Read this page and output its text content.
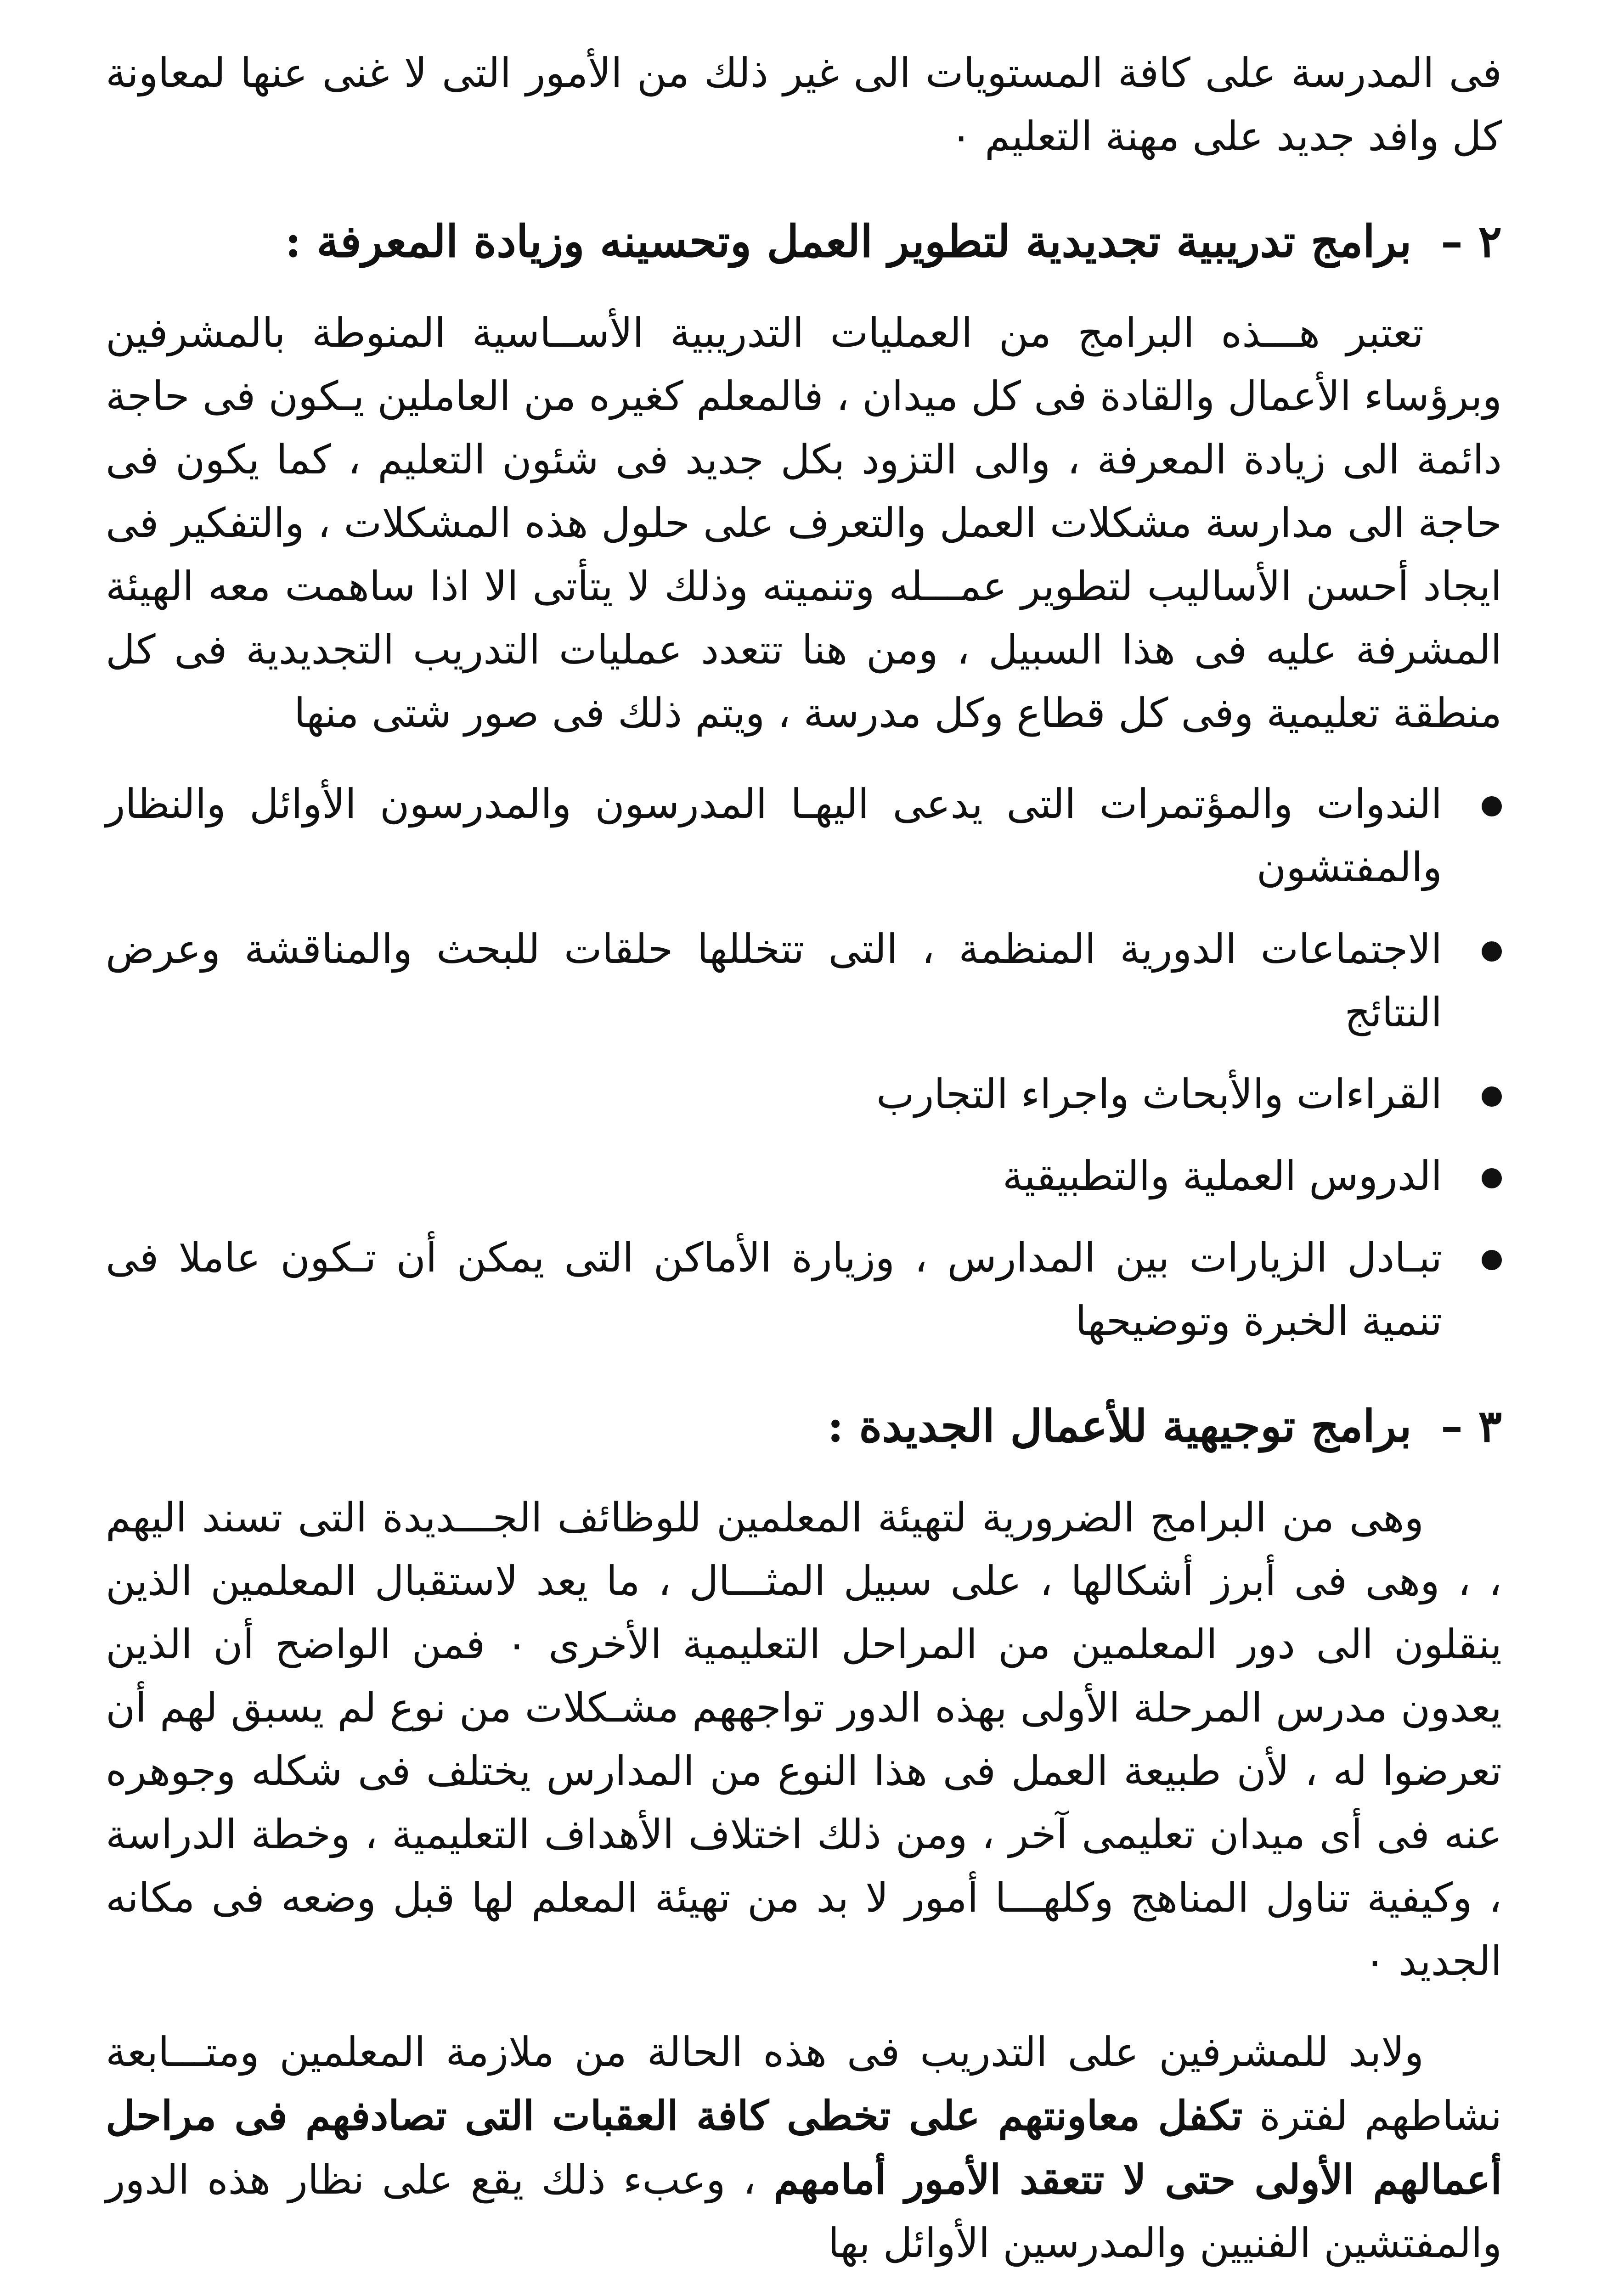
فى المدرسة على كافة المستويات الى غير ذلك من الأمور التى لا غنى عنها لمعاونة كل وافد جديد على مهنة التعليم ٠

٢ – برامج تدريبية تجديدية لتطوير العمل وتحسينه وزيادة المعرفة :

تعتبر هـــذه البرامج من العمليات التدريبية الأســاسية المنوطة بالمشرفين وبرؤساء الأعمال والقادة فى كل ميدان ، فالمعلم كغيره من العاملين يـكون فى حاجة دائمة الى زيادة المعرفة ، والى التزود بكل جديد فى شئون التعليم ، كما يكون فى حاجة الى مدارسة مشكلات العمل والتعرف على حلول هذه المشكلات ، والتفكير فى ايجاد أحسن الأساليب لتطوير عمـــله وتنميته وذلك لا يتأتى الا اذا ساهمت معه الهيئة المشرفة عليه فى هذا السبيل ، ومن هنا تتعدد عمليات التدريب التجديدية فى كل منطقة تعليمية وفى كل قطاع وكل مدرسة ، ويتم ذلك فى صور شتى منها

الندوات والمؤتمرات التى يدعى اليهـا المدرسون والمدرسون الأوائل والنظار والمفتشون
الاجتماعات الدورية المنظمة ، التى تتخللها حلقات للبحث والمناقشة وعرض النتائج
القراءات والأبحاث واجراء التجارب
الدروس العملية والتطبيقية
تبـادل الزيارات بين المدارس ، وزيارة الأماكن التى يمكن أن تـكون عاملا فى تنمية الخبرة وتوضيحها
٣ – برامج توجيهية للأعمال الجديدة :

وهى من البرامج الضرورية لتهيئة المعلمين للوظائف الجـــديدة التى تسند اليهم ، ، وهى فى أبرز أشكالها ، على سبيل المثـــال ، ما يعد لاستقبال المعلمين الذين ينقلون الى دور المعلمين من المراحل التعليمية الأخرى ٠ فمن الواضح أن الذين يعدون مدرس المرحلة الأولى بهذه الدور تواجههم مشـكلات من نوع لم يسبق لهم أن تعرضوا له ، لأن طبيعة العمل فى هذا النوع من المدارس يختلف فى شكله وجوهره عنه فى أى ميدان تعليمى آخر ، ومن ذلك اختلاف الأهداف التعليمية ، وخطة الدراسة ، وكيفية تناول المناهج وكلهـــا أمور لا بد من تهيئة المعلم لها قبل وضعه فى مكانه الجديد ٠

ولابد للمشرفين على التدريب فى هذه الحالة من ملازمة المعلمين ومتـــابعة نشاطهم لفترة تكفل معاونتهم على تخطى كافة العقبات التى تصادفهم فى مراحل أعمالهم الأولى حتى لا تتعقد الأمور أمامهم ، وعبء ذلك يقع على نظار هذه الدور والمفتشين الفنيين والمدرسين الأوائل بها
